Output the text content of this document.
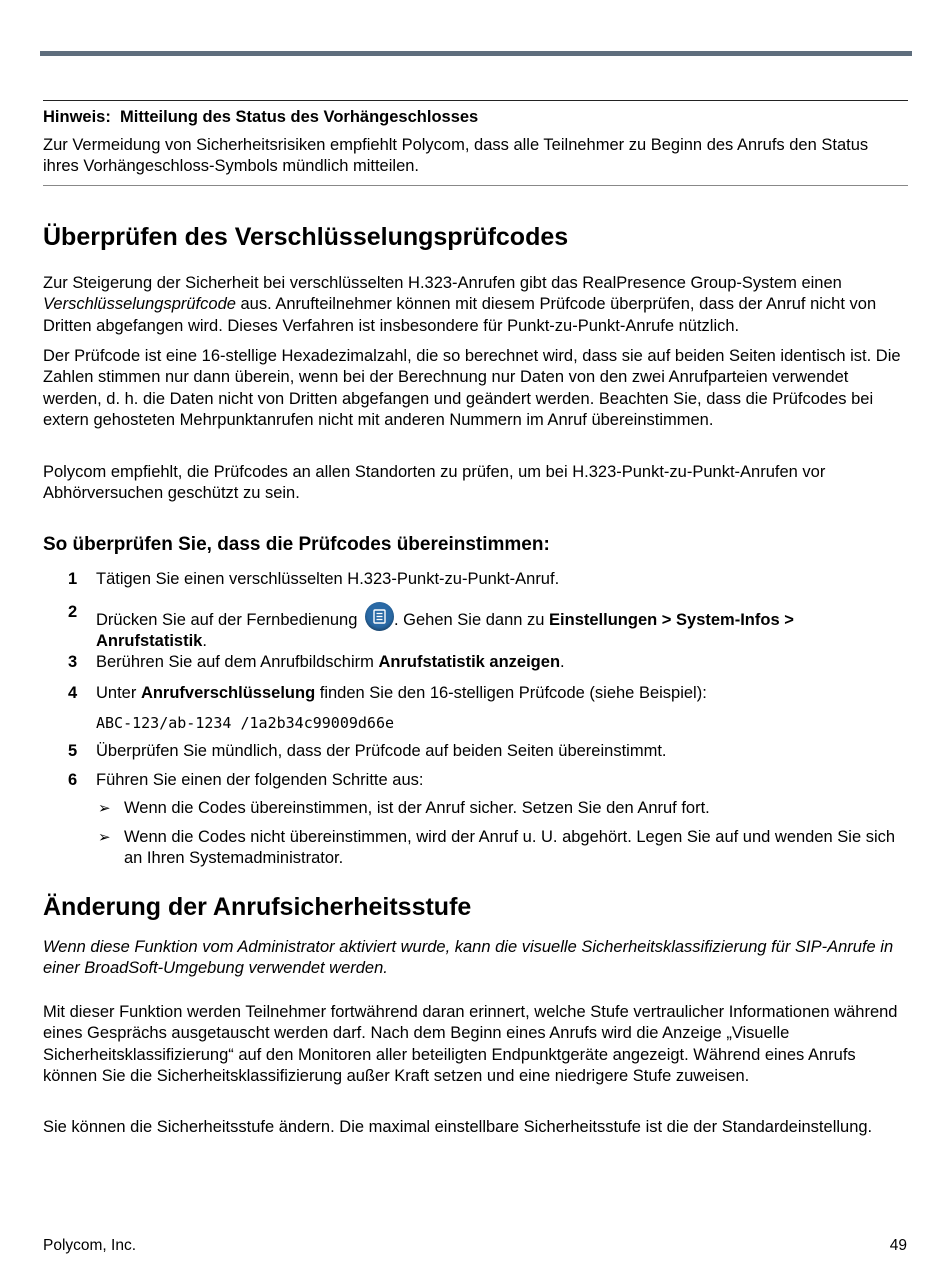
Hinweis: Mitteilung des Status des Vorhängeschlosses
Zur Vermeidung von Sicherheitsrisiken empfiehlt Polycom, dass alle Teilnehmer zu Beginn des Anrufs den Status ihres Vorhängeschloss-Symbols mündlich mitteilen.
Überprüfen des Verschlüsselungsprüfcodes

Zur Steigerung der Sicherheit bei verschlüsselten H.323-Anrufen gibt das RealPresence Group-System einen Verschlüsselungsprüfcode aus. Anrufteilnehmer können mit diesem Prüfcode überprüfen, dass der Anruf nicht von Dritten abgefangen wird. Dieses Verfahren ist insbesondere für Punkt-zu-Punkt-Anrufe nützlich.

Der Prüfcode ist eine 16-stellige Hexadezimalzahl, die so berechnet wird, dass sie auf beiden Seiten identisch ist. Die Zahlen stimmen nur dann überein, wenn bei der Berechnung nur Daten von den zwei Anrufparteien verwendet werden, d. h. die Daten nicht von Dritten abgefangen und geändert werden. Beachten Sie, dass die Prüfcodes bei extern gehosteten Mehrpunktanrufen nicht mit anderen Nummern im Anruf übereinstimmen.

Polycom empfiehlt, die Prüfcodes an allen Standorten zu prüfen, um bei H.323-Punkt-zu-Punkt-Anrufen vor Abhörversuchen geschützt zu sein.

So überprüfen Sie, dass die Prüfcodes übereinstimmen:
1 Tätigen Sie einen verschlüsselten H.323-Punkt-zu-Punkt-Anruf.
2 Drücken Sie auf der Fernbedienung
. Gehen Sie dann zu Einstellungen > System-Infos > Anrufstatistik.
3 Berühren Sie auf dem Anrufbildschirm Anrufstatistik anzeigen.
4 Unter Anrufverschlüsselung finden Sie den 16-stelligen Prüfcode (siehe Beispiel):
ABC-123/ab-1234 /1a2b34c99009d66e
5 Überprüfen Sie mündlich, dass der Prüfcode auf beiden Seiten übereinstimmt.
6 Führen Sie einen der folgenden Schritte aus:
➢ Wenn die Codes übereinstimmen, ist der Anruf sicher. Setzen Sie den Anruf fort.
➢ Wenn die Codes nicht übereinstimmen, wird der Anruf u. U. abgehört. Legen Sie auf und wenden Sie sich an Ihren Systemadministrator.
Änderung der Anrufsicherheitsstufe

Wenn diese Funktion vom Administrator aktiviert wurde, kann die visuelle Sicherheitsklassifizierung für SIP-Anrufe in einer BroadSoft-Umgebung verwendet werden.

Mit dieser Funktion werden Teilnehmer fortwährend daran erinnert, welche Stufe vertraulicher Informationen während eines Gesprächs ausgetauscht werden darf. Nach dem Beginn eines Anrufs wird die Anzeige „Visuelle Sicherheitsklassifizierung“ auf den Monitoren aller beteiligten Endpunktgeräte angezeigt. Während eines Anrufs können Sie die Sicherheitsklassifizierung außer Kraft setzen und eine niedrigere Stufe zuweisen.

Sie können die Sicherheitsstufe ändern. Die maximal einstellbare Sicherheitsstufe ist die der Standardeinstellung.

Polycom, Inc.	49
